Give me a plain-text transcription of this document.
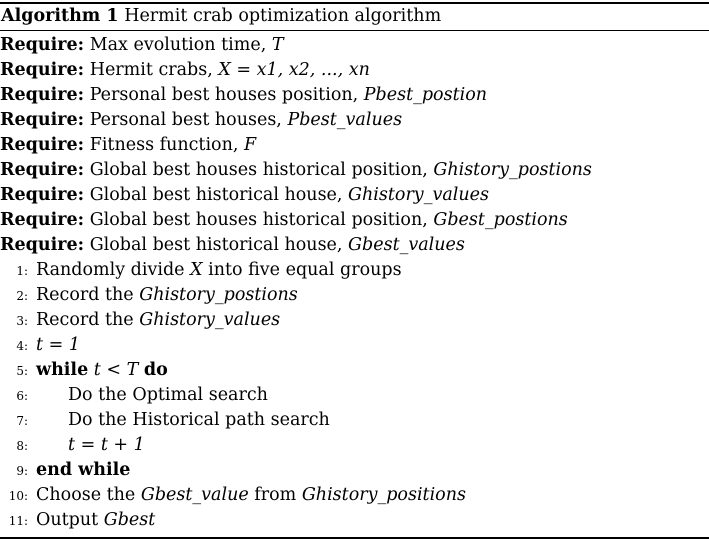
Algorithm 1 Hermit crab optimization algorithm
Require: Max evolution time, T
Require: Hermit crabs, X = x1, x2, ..., xn
Require: Personal best houses position, Pbest_postion
Require: Personal best houses, Pbest_values
Require: Fitness function, F
Require: Global best houses historical position, Ghistory_postions
Require: Global best historical house, Ghistory_values
Require: Global best houses historical position, Gbest_postions
Require: Global best historical house, Gbest_values
1: Randomly divide X into five equal groups
2: Record the Ghistory_postions
3: Record the Ghistory_values
4: t = 1
5: while t < T do
6: Do the Optimal search
7: Do the Historical path search
8: t = t + 1
9: end while
10: Choose the Gbest_value from Ghistory_positions
11: Output Gbest
